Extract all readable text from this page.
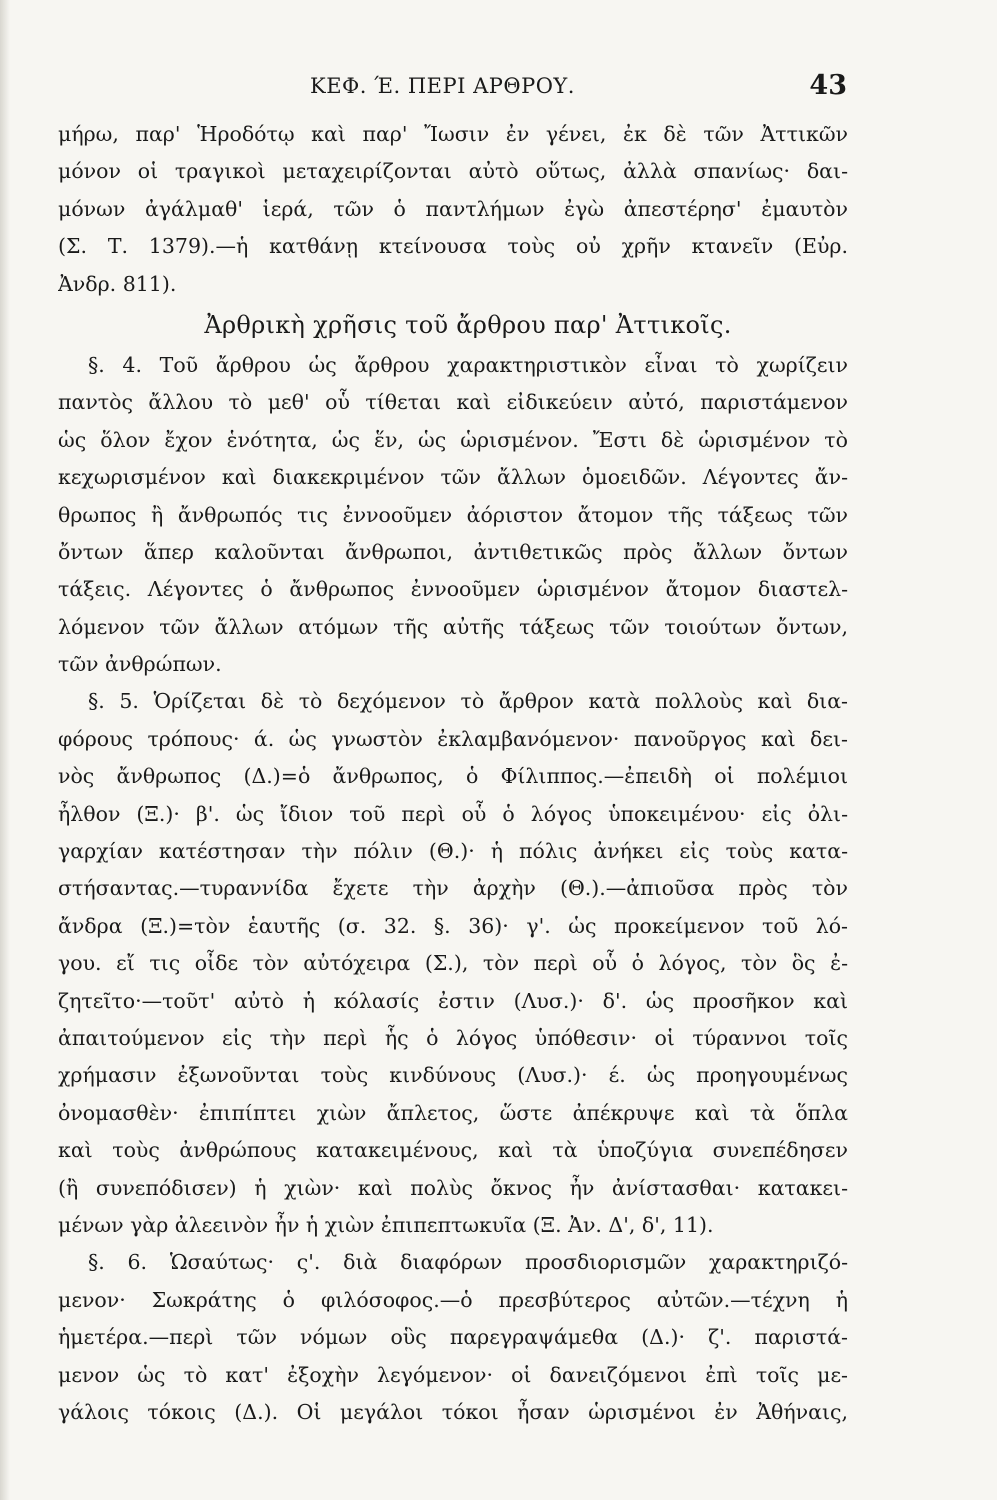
ΚΕΦ. Έ. ΠΕΡΙ ΑΡΘΡΟΥ.	43
μήρω, παρ' Ἡροδότῳ καὶ παρ' Ἴωσιν ἐν γένει, ἐκ δὲ τῶν Ἀττικῶν
μόνον οἱ τραγικοὶ μεταχειρίζονται αὐτὸ οὕτως, ἀλλὰ σπανίως· δαι-
μόνων ἀγάλμαθ' ἱερά, τῶν ὁ παντλήμων ἐγὼ ἀπεστέρησ' ἐμαυτὸν
(Σ. Τ. 1379).—ἡ κατθάνῃ κτείνουσα τοὺς οὐ χρῆν κτανεῖν (Εὐρ.
Ἀνδρ. 811).
Ἀρθρικὴ χρῆσις τοῦ ἄρθρου παρ' Ἀττικοῖς.
§. 4. Τοῦ ἄρθρου ὡς ἄρθρου χαρακτηριστικὸν εἶναι τὸ χωρίζειν
παντὸς ἄλλου τὸ μεθ' οὗ τίθεται καὶ εἰδικεύειν αὐτό, παριστάμενον
ὡς ὅλον ἔχον ἑνότητα, ὡς ἕν, ὡς ὡρισμένον. Ἔστι δὲ ὡρισμένον τὸ
κεχωρισμένον καὶ διακεκριμένον τῶν ἄλλων ὁμοειδῶν. Λέγοντες ἄν-
θρωπος ἢ ἄνθρωπός τις ἐννοοῦμεν ἀόριστον ἄτομον τῆς τάξεως τῶν
ὄντων ἅπερ καλοῦνται ἄνθρωποι, ἀντιθετικῶς πρὸς ἄλλων ὄντων
τάξεις. Λέγοντες ὁ ἄνθρωπος ἐννοοῦμεν ὡρισμένον ἄτομον διαστελ-
λόμενον τῶν ἄλλων ατόμων τῆς αὐτῆς τάξεως τῶν τοιούτων ὄντων,
τῶν ἀνθρώπων.
§. 5. Ὁρίζεται δὲ τὸ δεχόμενον τὸ ἄρθρον κατὰ πολλοὺς καὶ δια-
φόρους τρόπους· ά. ὡς γνωστὸν ἐκλαμβανόμενον· πανοῦργος καὶ δει-
νὸς ἄνθρωπος (Δ.)=ὁ ἄνθρωπος, ὁ Φίλιππος.—ἐπειδὴ οἱ πολέμιοι
ἦλθον (Ξ.)· β'. ὡς ἴδιον τοῦ περὶ οὗ ὁ λόγος ὑποκειμένου· εἰς ὀλι-
γαρχίαν κατέστησαν τὴν πόλιν (Θ.)· ἡ πόλις ἀνήκει εἰς τοὺς κατα-
στήσαντας.—τυραννίδα ἔχετε τὴν ἀρχὴν (Θ.).—ἀπιοῦσα πρὸς τὸν
ἄνδρα (Ξ.)=τὸν ἑαυτῆς (σ. 32. §. 36)· γ'. ὡς προκείμενον τοῦ λό-
γου. εἴ τις οἶδε τὸν αὐτόχειρα (Σ.), τὸν περὶ οὗ ὁ λόγος, τὸν ὃς ἐ-
ζητεῖτο·—τοῦτ' αὐτὸ ἡ κόλασίς ἐστιν (Λυσ.)· δ'. ὡς προσῆκον καὶ
ἀπαιτούμενον εἰς τὴν περὶ ἧς ὁ λόγος ὑπόθεσιν· οἱ τύραννοι τοῖς
χρήμασιν ἐξωνοῦνται τοὺς κινδύνους (Λυσ.)· έ. ὡς προηγουμένως
ὀνομασθὲν· ἐπιπίπτει χιὼν ἄπλετος, ὥστε ἀπέκρυψε καὶ τὰ ὅπλα
καὶ τοὺς ἀνθρώπους κατακειμένους, καὶ τὰ ὑποζύγια συνεπέδησεν
(ἢ συνεπόδισεν) ἡ χιὼν· καὶ πολὺς ὄκνος ἦν ἀνίστασθαι· κατακει-
μένων γὰρ ἀλεεινὸν ἦν ἡ χιὼν ἐπιπεπτωκυῖα (Ξ. Ἀν. Δ', δ', 11).
§. 6. Ὡσαύτως· ς'. διὰ διαφόρων προσδιορισμῶν χαρακτηριζό-
μενον· Σωκράτης ὁ φιλόσοφος.—ὁ πρεσβύτερος αὐτῶν.—τέχνη ἡ
ἡμετέρα.—περὶ τῶν νόμων οὓς παρεγραψάμεθα (Δ.)· ζ'. παριστά-
μενον ὡς τὸ κατ' ἐξοχὴν λεγόμενον· οἱ δανειζόμενοι ἐπὶ τοῖς με-
γάλοις τόκοις (Δ.). Οἱ μεγάλοι τόκοι ἦσαν ὡρισμένοι ἐν Ἀθήναις,
